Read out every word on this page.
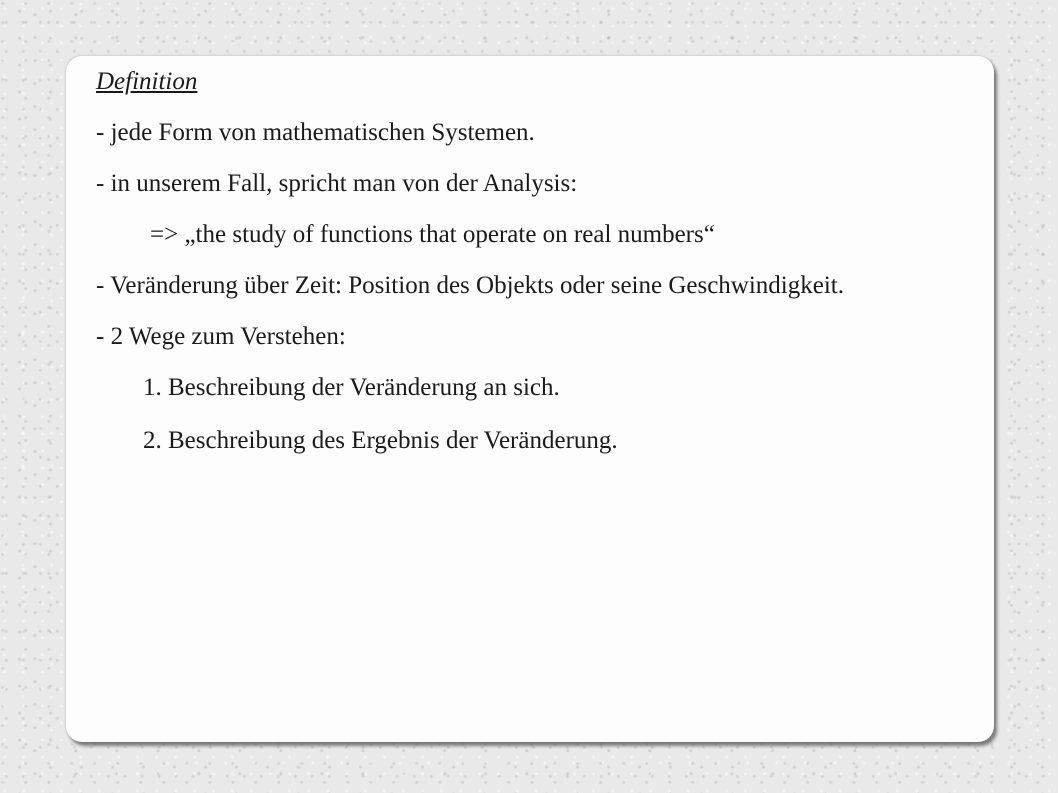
Definition
- jede Form von mathematischen Systemen.
- in unserem Fall, spricht man von der Analysis:
=> „the study of functions that operate on real numbers“
- Veränderung über Zeit: Position des Objekts oder seine Geschwindigkeit.
- 2 Wege zum Verstehen:
1. Beschreibung der Veränderung an sich.
2. Beschreibung des Ergebnis der Veränderung.
